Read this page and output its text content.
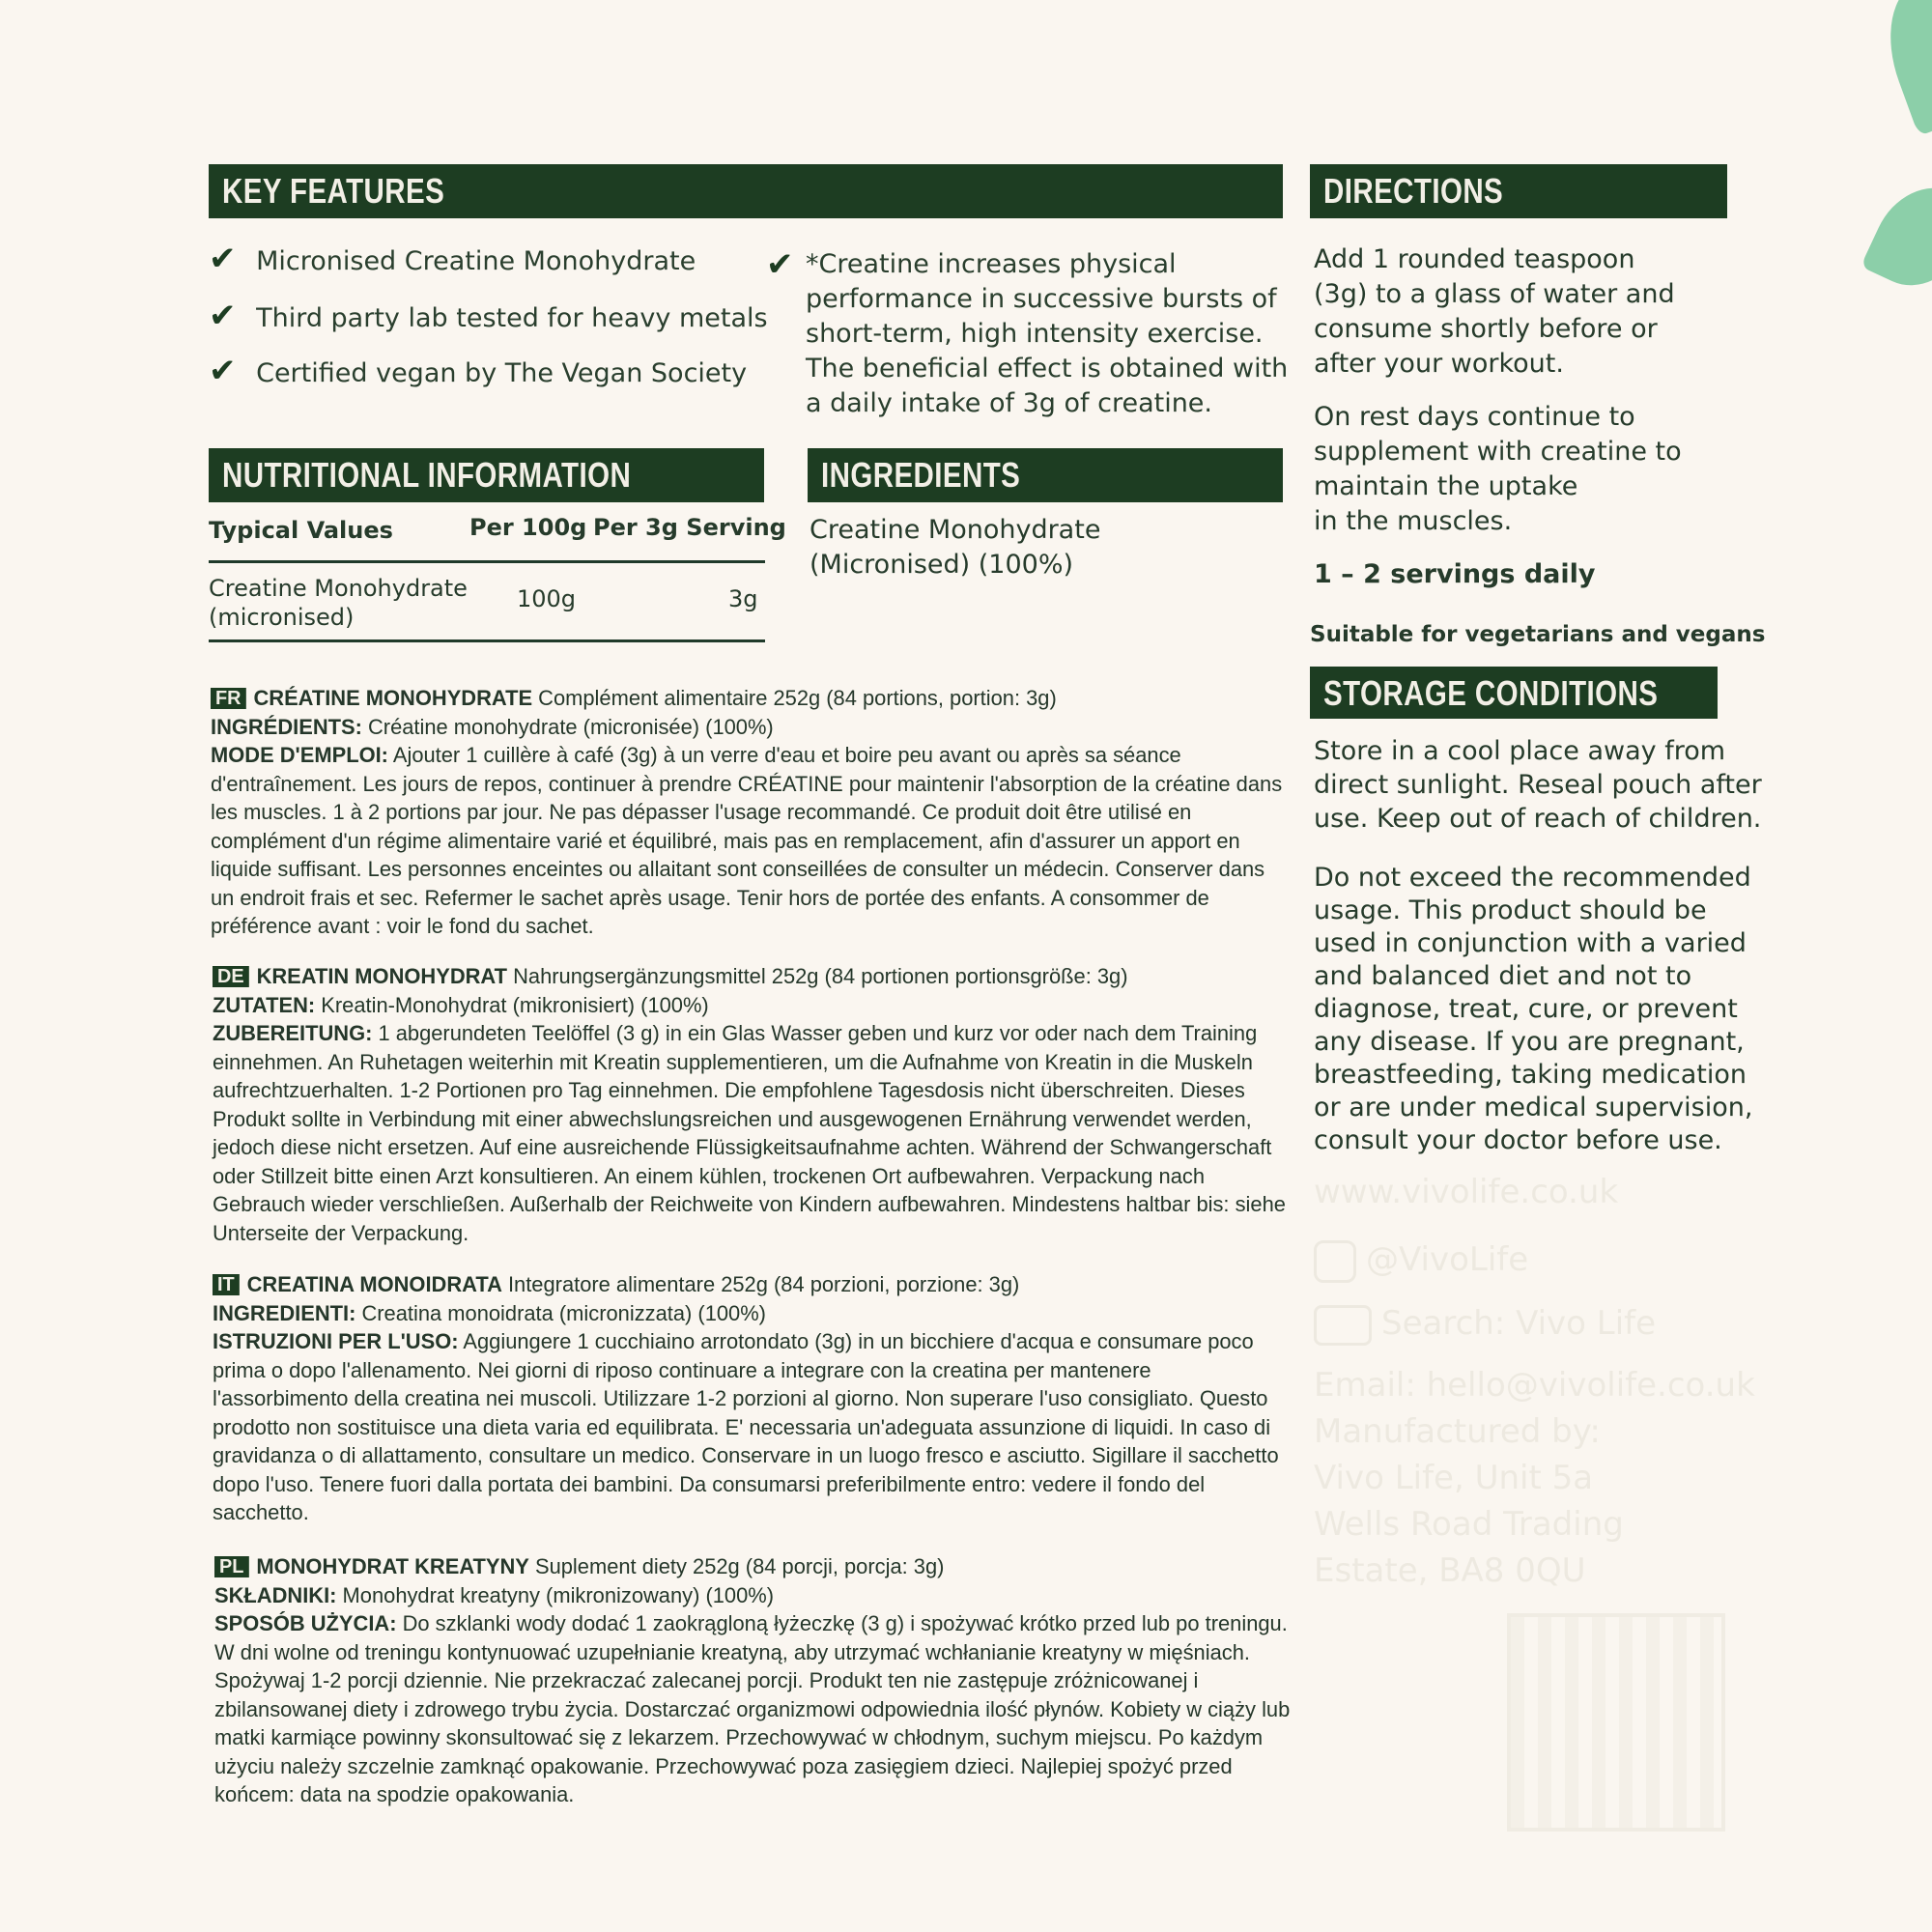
KEY FEATURES
✔ Micronised Creatine Monohydrate
✔ Third party lab tested for heavy metals
✔ Certified vegan by The Vegan Society
✔ *Creatine increases physical
performance in successive bursts of
short-term, high intensity exercise.
The beneficial effect is obtained with
a daily intake of 3g of creatine.
NUTRITIONAL INFORMATION
Typical Values	Per 100g Per 3g Serving
Creatine Monohydrate
(micronised)
100g	3g
INGREDIENTS
Creatine Monohydrate
(Micronised) (100%)
DIRECTIONS
Add 1 rounded teaspoon
(3g) to a glass of water and
consume shortly before or
after your workout.
On rest days continue to
supplement with creatine to
maintain the uptake
in the muscles.
1 – 2 servings daily
Suitable for vegetarians and vegans
STORAGE CONDITIONS
Store in a cool place away from
direct sunlight. Reseal pouch after
use. Keep out of reach of children.
Do not exceed the recommended
usage. This product should be
used in conjunction with a varied
and balanced diet and not to
diagnose, treat, cure, or prevent
any disease. If you are pregnant,
breastfeeding, taking medication
or are under medical supervision,
consult your doctor before use.
www.vivolife.co.uk
@VivoLife
Search: Vivo Life
Email: hello@vivolife.co.uk
Manufactured by:
Vivo Life, Unit 5a
Wells Road Trading
Estate, BA8 0QU
FR CRÉATINE MONOHYDRATE Complément alimentaire 252g (84 portions, portion: 3g)
INGRÉDIENTS: Créatine monohydrate (micronisée) (100%)
MODE D'EMPLOI: Ajouter 1 cuillère à café (3g) à un verre d'eau et boire peu avant ou après sa séance d'entraînement. Les jours de repos, continuer à prendre CRÉATINE pour maintenir l'absorption de la créatine dans les muscles. 1 à 2 portions par jour. Ne pas dépasser l'usage recommandé. Ce produit doit être utilisé en complément d'un régime alimentaire varié et équilibré, mais pas en remplacement, afin d'assurer un apport en liquide suffisant. Les personnes enceintes ou allaitant sont conseillées de consulter un médecin. Conserver dans un endroit frais et sec. Refermer le sachet après usage. Tenir hors de portée des enfants. A consommer de préférence avant : voir le fond du sachet.
DE KREATIN MONOHYDRAT Nahrungsergänzungsmittel 252g (84 portionen portionsgröße: 3g)
ZUTATEN: Kreatin-Monohydrat (mikronisiert) (100%)
ZUBEREITUNG: 1 abgerundeten Teelöffel (3 g) in ein Glas Wasser geben und kurz vor oder nach dem Training einnehmen. An Ruhetagen weiterhin mit Kreatin supplementieren, um die Aufnahme von Kreatin in die Muskeln aufrechtzuerhalten. 1-2 Portionen pro Tag einnehmen. Die empfohlene Tagesdosis nicht überschreiten. Dieses Produkt sollte in Verbindung mit einer abwechslungsreichen und ausgewogenen Ernährung verwendet werden, jedoch diese nicht ersetzen. Auf eine ausreichende Flüssigkeitsaufnahme achten. Während der Schwangerschaft oder Stillzeit bitte einen Arzt konsultieren. An einem kühlen, trockenen Ort aufbewahren. Verpackung nach Gebrauch wieder verschließen. Außerhalb der Reichweite von Kindern aufbewahren. Mindestens haltbar bis: siehe Unterseite der Verpackung.
IT CREATINA MONOIDRATA Integratore alimentare 252g (84 porzioni, porzione: 3g)
INGREDIENTI: Creatina monoidrata (micronizzata) (100%)
ISTRUZIONI PER L'USO: Aggiungere 1 cucchiaino arrotondato (3g) in un bicchiere d'acqua e consumare poco prima o dopo l'allenamento. Nei giorni di riposo continuare a integrare con la creatina per mantenere l'assorbimento della creatina nei muscoli. Utilizzare 1-2 porzioni al giorno. Non superare l'uso consigliato. Questo prodotto non sostituisce una dieta varia ed equilibrata. E' necessaria un'adeguata assunzione di liquidi. In caso di gravidanza o di allattamento, consultare un medico. Conservare in un luogo fresco e asciutto. Sigillare il sacchetto dopo l'uso. Tenere fuori dalla portata dei bambini. Da consumarsi preferibilmente entro: vedere il fondo del sacchetto.
PL MONOHYDRAT KREATYNY Suplement diety 252g (84 porcji, porcja: 3g)
SKŁADNIKI: Monohydrat kreatyny (mikronizowany) (100%)
SPOSÓB UŻYCIA: Do szklanki wody dodać 1 zaokrągloną łyżeczkę (3 g) i spożywać krótko przed lub po treningu. W dni wolne od treningu kontynuować uzupełnianie kreatyną, aby utrzymać wchłanianie kreatyny w mięśniach. Spożywaj 1-2 porcji dziennie. Nie przekraczać zalecanej porcji. Produkt ten nie zastępuje zróżnicowanej i zbilansowanej diety i zdrowego trybu życia. Dostarczać organizmowi odpowiednia ilość płynów. Kobiety w ciąży lub matki karmiące powinny skonsultować się z lekarzem. Przechowywać w chłodnym, suchym miejscu. Po każdym użyciu należy szczelnie zamknąć opakowanie. Przechowywać poza zasięgiem dzieci. Najlepiej spożyć przed końcem: data na spodzie opakowania.
